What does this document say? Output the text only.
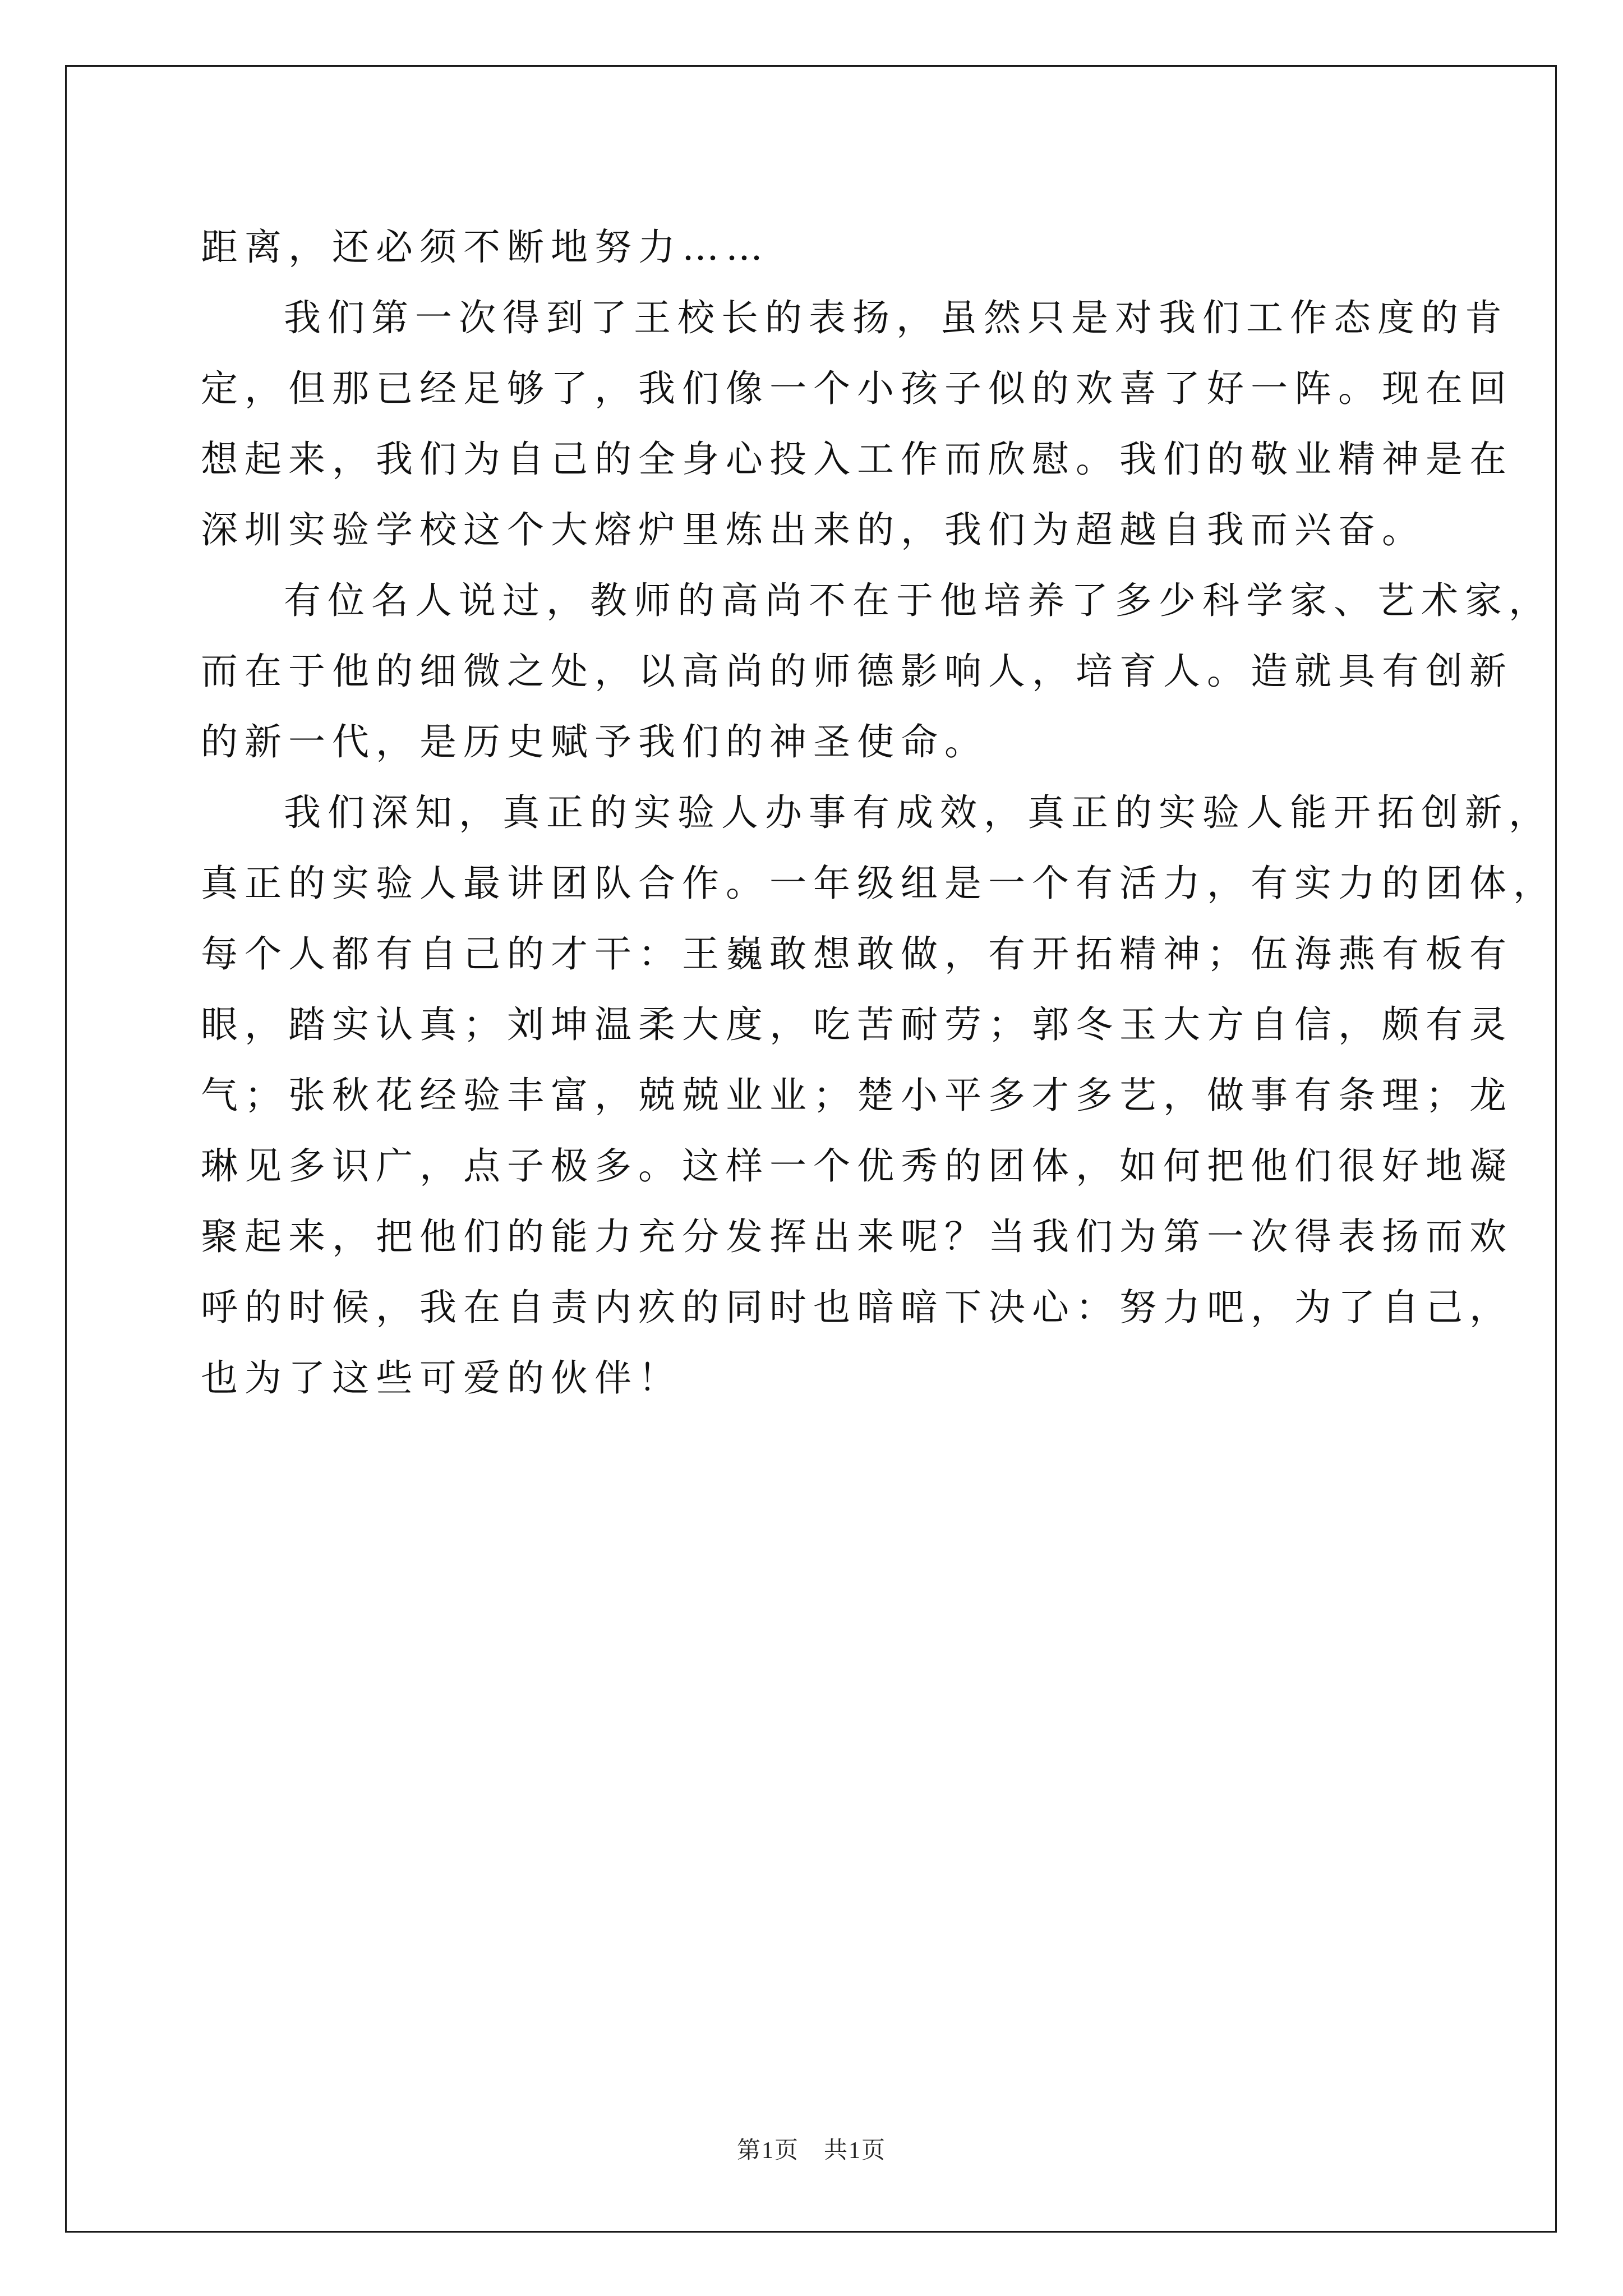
距离，还必须不断地努力……
我们第一次得到了王校长的表扬，虽然只是对我们工作态度的肯
定，但那已经足够了，我们像一个小孩子似的欢喜了好一阵。现在回
想起来，我们为自己的全身心投入工作而欣慰。我们的敬业精神是在
深圳实验学校这个大熔炉里炼出来的，我们为超越自我而兴奋。
有位名人说过，教师的高尚不在于他培养了多少科学家、艺术家，
而在于他的细微之处，以高尚的师德影响人，培育人。造就具有创新
的新一代，是历史赋予我们的神圣使命。
我们深知，真正的实验人办事有成效，真正的实验人能开拓创新，
真正的实验人最讲团队合作。一年级组是一个有活力，有实力的团体，
每个人都有自己的才干：王巍敢想敢做，有开拓精神；伍海燕有板有
眼，踏实认真；刘坤温柔大度，吃苦耐劳；郭冬玉大方自信，颇有灵
气；张秋花经验丰富，兢兢业业；楚小平多才多艺，做事有条理；龙
琳见多识广，点子极多。这样一个优秀的团体，如何把他们很好地凝
聚起来，把他们的能力充分发挥出来呢？当我们为第一次得表扬而欢
呼的时候，我在自责内疚的同时也暗暗下决心：努力吧，为了自己，
也为了这些可爱的伙伴！
第1页　共1页
